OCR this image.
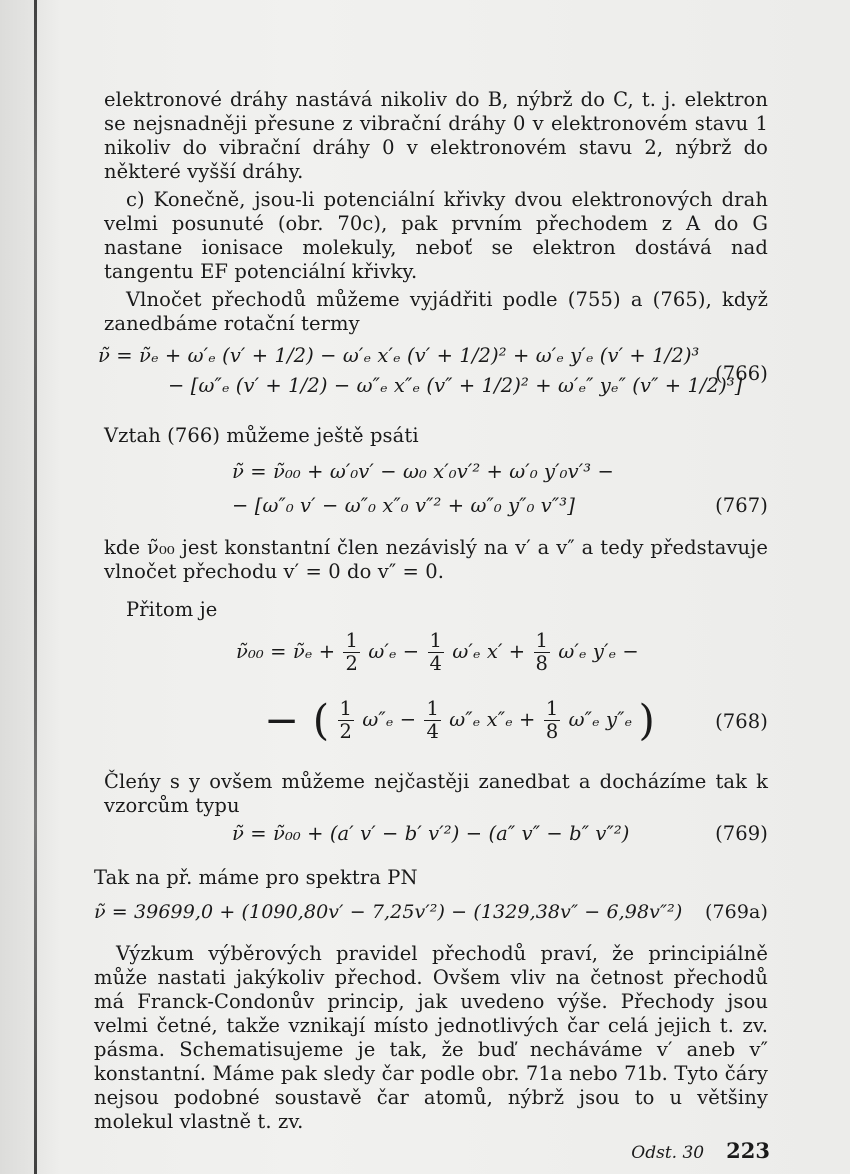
elektronové dráhy nastává nikoliv do B, nýbrž do C, t. j. elektron se nejsnadněji přesune z vibrační dráhy 0 v elektronovém stavu 1 nikoliv do vibrační dráhy 0 v elektronovém stavu 2, nýbrž do některé vyšší dráhy.

c) Konečně, jsou-li potenciální křivky dvou elektronových drah velmi posunuté (obr. 70c), pak prvním přechodem z A do G nastane ionisace molekuly, neboť se elektron dostává nad tangentu EF potenciální křivky.

Vlnočet přechodů můžeme vyjádřiti podle (755) a (765), když zanedbáme rotační termy

ν̃ = ν̃ₑ + ω′ₑ (v′ + 1/2) − ω′ₑ x′ₑ (v′ + 1/2)² + ω′ₑ y′ₑ (v′ + 1/2)³
− [ω″ₑ (v′ + 1/2) − ω″ₑ x″ₑ (v″ + 1/2)² + ω′ₑ″ yₑ″ (v″ + 1/2)³]
(766)

Vztah (766) můžeme ještě psáti

ν̃ = ν̃₀₀ + ω′₀v′ − ω₀ x′₀v′² + ω′₀ y′₀v′³ −
− [ω″₀ v′ − ω″₀ x″₀ v″² + ω″₀ y″₀ v″³]	(767)

kde ν̃₀₀ jest konstantní člen nezávislý na v′ a v″ a tedy představuje vlnočet přechodu v′ = 0 do v″ = 0.

Přitom je

ν̃₀₀ = ν̃ₑ + $\frac{1}{2} \omega'_e - \frac{1}{4} \omega'_e$ $x' + \frac{1}{8} \omega'_e$ y′ₑ −
− ( $\frac{1}{2} \omega''_e - \frac{1}{4} \omega''_e$ $x''_e + \frac{1}{8} \omega''_e$ y″ₑ )	(768)

Čleńy s y ovšem můžeme nejčastěji zanedbat a docházíme tak k vzorcům typu

ν̃ = ν̃₀₀ + (a′ v′ − b′ v′²) − (a″ v″ − b″ v″²)	(769)

Tak na př. máme pro spektra PN

ν̃ = 39699,0 + (1090,80v′ − 7,25v′²) − (1329,38v″ − 6,98v″²) (769a)

Výzkum výběrových pravidel přechodů praví, že principiálně může nastati jakýkoliv přechod. Ovšem vliv na četnost přechodů má Franck-Condonův princip, jak uvedeno výše. Přechody jsou velmi četné, takže vznikají místo jednotlivých čar celá jejich t. zv. pásma. Schematisujeme je tak, že buď necháváme v′ aneb v″ konstantní. Máme pak sledy čar podle obr. 71a nebo 71b. Tyto čáry nejsou podobné soustavě čar atomů, nýbrž jsou to u většiny molekul vlastně t. zv.

Odst. 30 223
